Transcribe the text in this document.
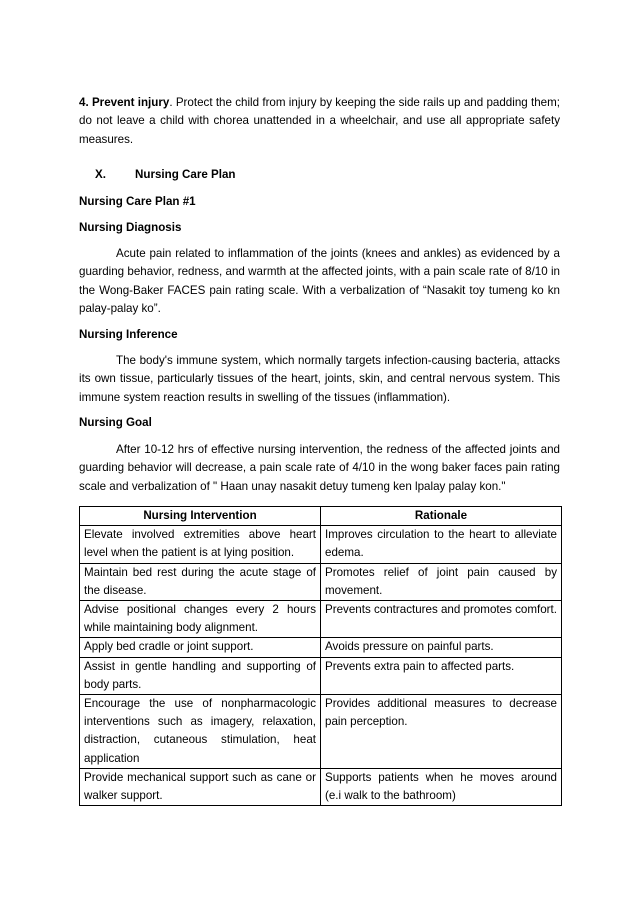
4. Prevent injury. Protect the child from injury by keeping the side rails up and padding them; do not leave a child with chorea unattended in a wheelchair, and use all appropriate safety measures.

X.	Nursing Care Plan

Nursing Care Plan #1

Nursing Diagnosis

Acute pain related to inflammation of the joints (knees and ankles) as evidenced by a guarding behavior, redness, and warmth at the affected joints, with a pain scale rate of 8/10 in the Wong-Baker FACES pain rating scale. With a verbalization of “Nasakit toy tumeng ko kn palay-palay ko”.

Nursing Inference

The body's immune system, which normally targets infection-causing bacteria, attacks its own tissue, particularly tissues of the heart, joints, skin, and central nervous system. This immune system reaction results in swelling of the tissues (inflammation).

Nursing Goal

After 10-12 hrs of effective nursing intervention, the redness of the affected joints and guarding behavior will decrease, a pain scale rate of 4/10 in the wong baker faces pain rating scale and verbalization of " Haan unay nasakit detuy tumeng ken lpalay palay kon."

Nursing Intervention	Rationale
Elevate involved extremities above heart level when the patient is at lying position.	Improves circulation to the heart to alleviate edema.
Maintain bed rest during the acute stage of the disease.	Promotes relief of joint pain caused by movement.
Advise positional changes every 2 hours while maintaining body alignment.	Prevents contractures and promotes comfort.
Apply bed cradle or joint support.	Avoids pressure on painful parts.
Assist in gentle handling and supporting of body parts.	Prevents extra pain to affected parts.
Encourage the use of nonpharmacologic interventions such as imagery, relaxation, distraction, cutaneous stimulation, heat application	Provides additional measures to decrease pain perception.
Provide mechanical support such as cane or walker support.	Supports patients when he moves around (e.i walk to the bathroom)
